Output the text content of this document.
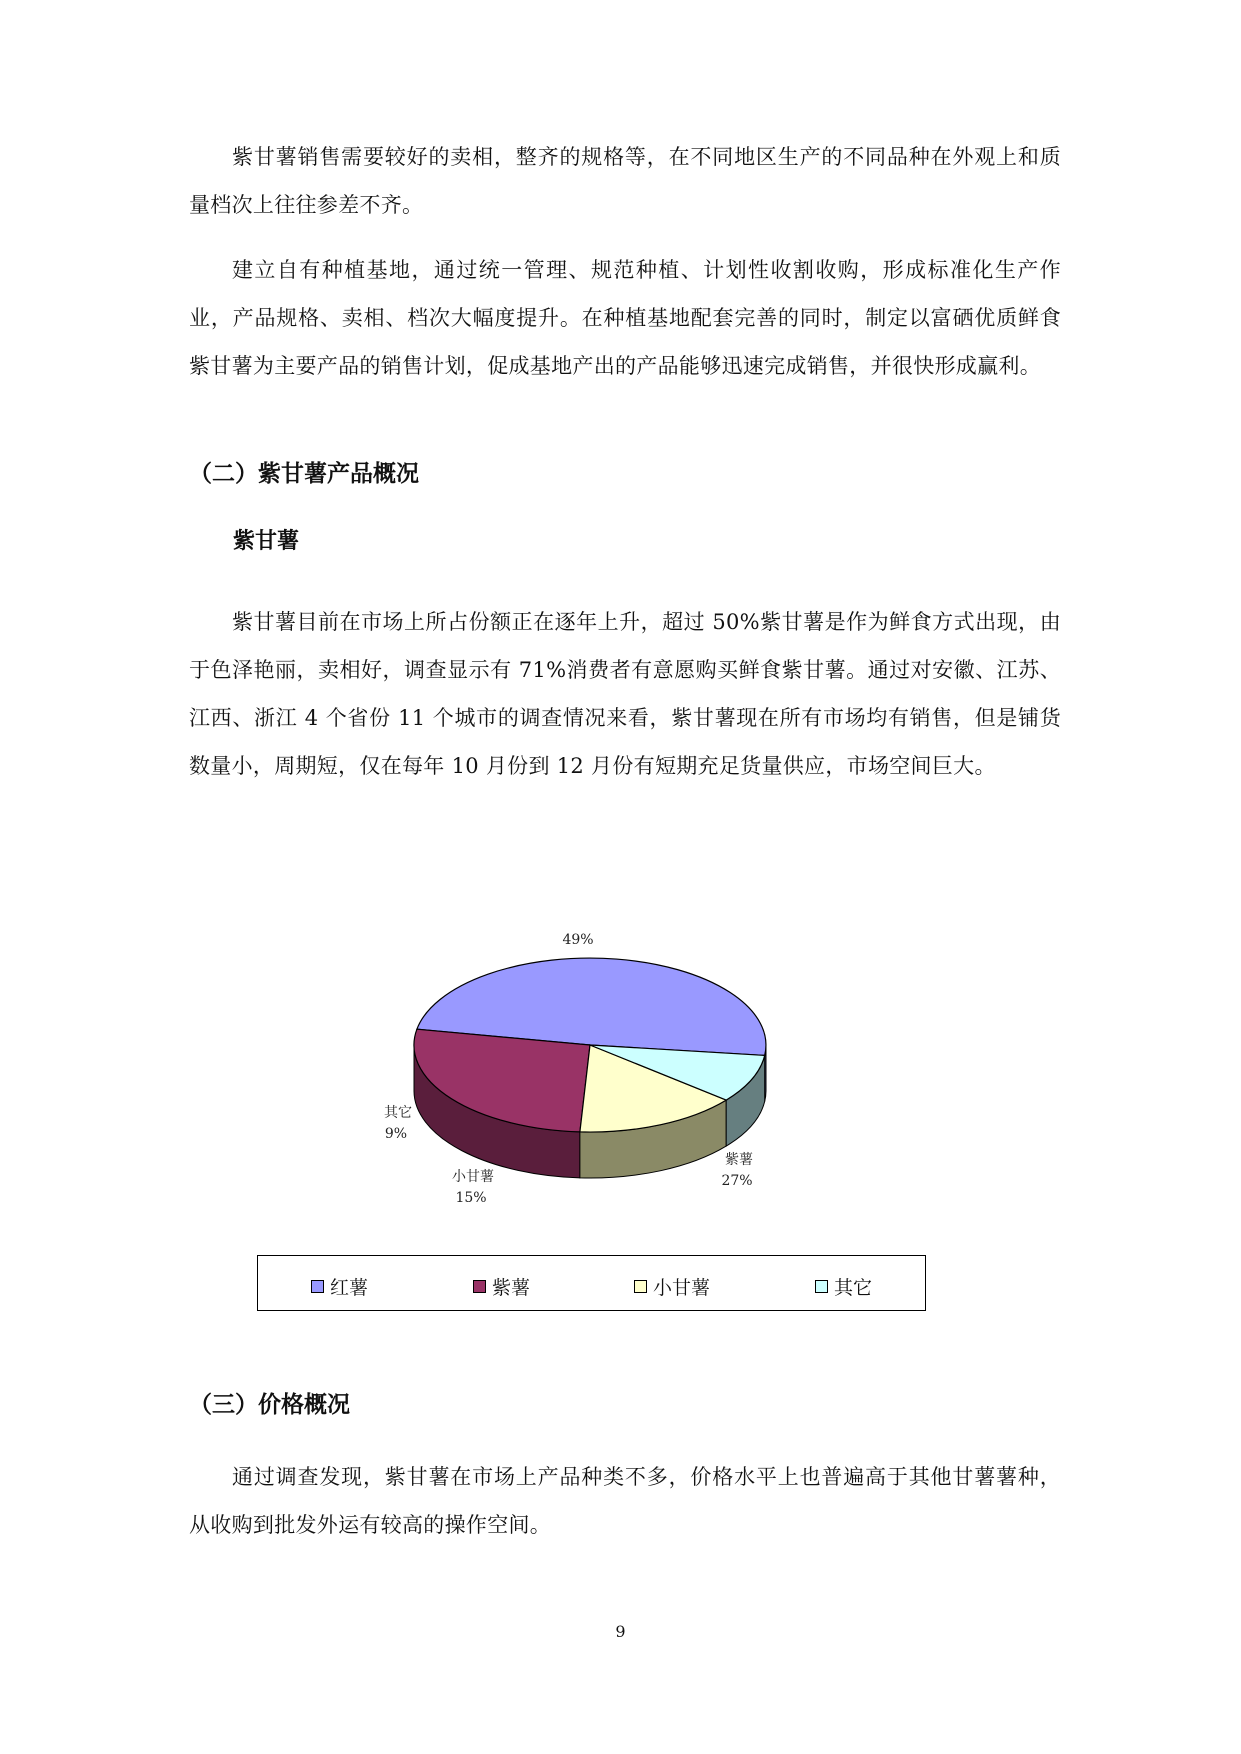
紫甘薯销售需要较好的卖相，整齐的规格等，在不同地区生产的不同品种在外观上和质量档次上往往参差不齐。
建立自有种植基地，通过统一管理、规范种植、计划性收割收购，形成标准化生产作业，产品规格、卖相、档次大幅度提升。在种植基地配套完善的同时，制定以富硒优质鲜食紫甘薯为主要产品的销售计划，促成基地产出的产品能够迅速完成销售，并很快形成赢利。
（二）紫甘薯产品概况
紫甘薯
紫甘薯目前在市场上所占份额正在逐年上升，超过 50%紫甘薯是作为鲜食方式出现，由于色泽艳丽，卖相好，调查显示有 71%消费者有意愿购买鲜食紫甘薯。通过对安徽、江苏、江西、浙江 4 个省份 11 个城市的调查情况来看，紫甘薯现在所有市场均有销售，但是铺货数量小，周期短，仅在每年 10 月份到 12 月份有短期充足货量供应，市场空间巨大。
49%
其它
9%
小甘薯
15%
紫薯
27%
红薯	紫薯	小甘薯	其它
（三）价格概况
通过调查发现，紫甘薯在市场上产品种类不多，价格水平上也普遍高于其他甘薯薯种，从收购到批发外运有较高的操作空间。
9
